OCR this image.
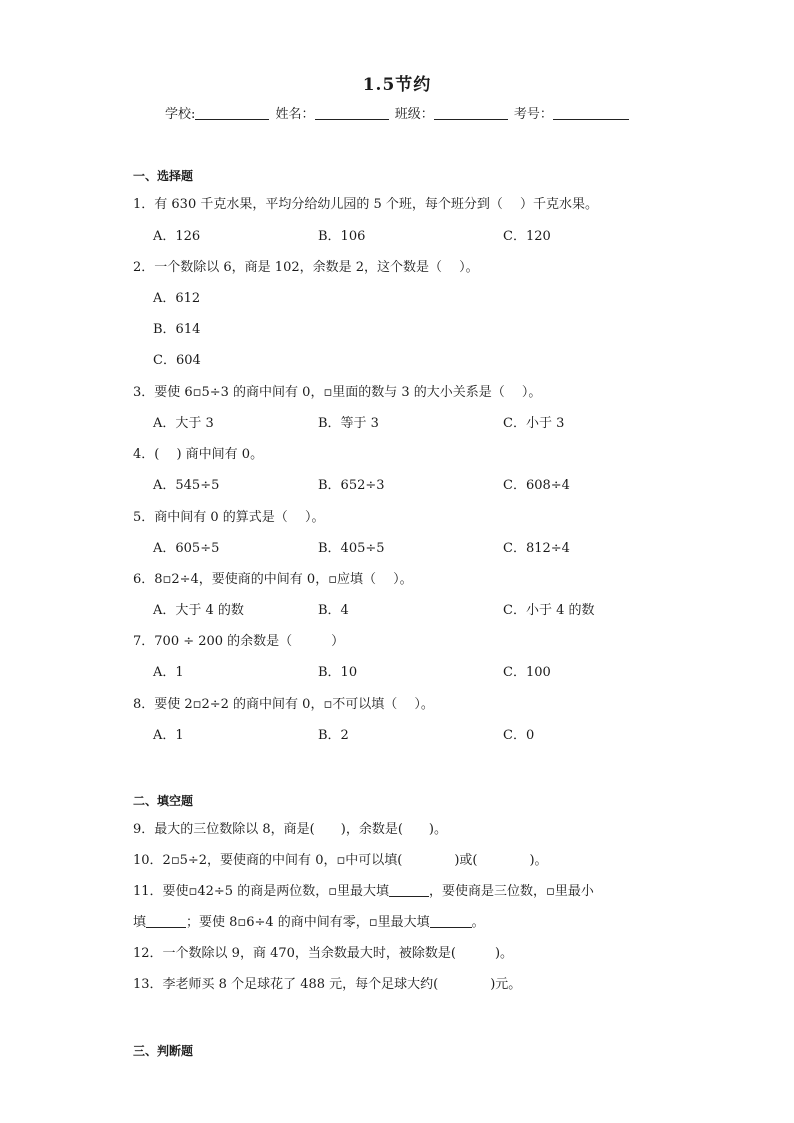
1.5节约
学校:	姓名：	班级：	考号：
一、选择题
1．有 630 千克水果，平均分给幼儿园的 5 个班，每个班分到（　 ）千克水果。
A．126	B．106	C．120
2．一个数除以 6，商是 102，余数是 2，这个数是（　 ）。
A．612
B．614
C．604
3．要使 6▫5÷3 的商中间有 0，▫里面的数与 3 的大小关系是（　 ）。
A．大于 3	B．等于 3	C．小于 3
4．(　 ) 商中间有 0。
A．545÷5	B．652÷3	C．608÷4
5．商中间有 0 的算式是（　 ）。
A．605÷5	B．405÷5	C．812÷4
6．8▫2÷4，要使商的中间有 0，▫应填（　 ）。
A．大于 4 的数	B．4	C．小于 4 的数
7．700 ÷ 200 的余数是（　　　）
A．1	B．10	C．100
8．要使 2▫2÷2 的商中间有 0，▫不可以填（　 ）。
A．1	B．2	C．0
二、填空题
9．最大的三位数除以 8，商是(　　)，余数是(　　)。
10．2▫5÷2，要使商的中间有 0，▫中可以填(　　　　)或(　　　　)。
11．要使▫42÷5 的商是两位数，▫里最大填	，要使商是三位数，▫里最小
填	；要使 8▫6÷4 的商中间有零，▫里最大填	。
12．一个数除以 9，商 470，当余数最大时，被除数是(　　　)。
13．李老师买 8 个足球花了 488 元，每个足球大约(　　　　)元。
三、判断题
